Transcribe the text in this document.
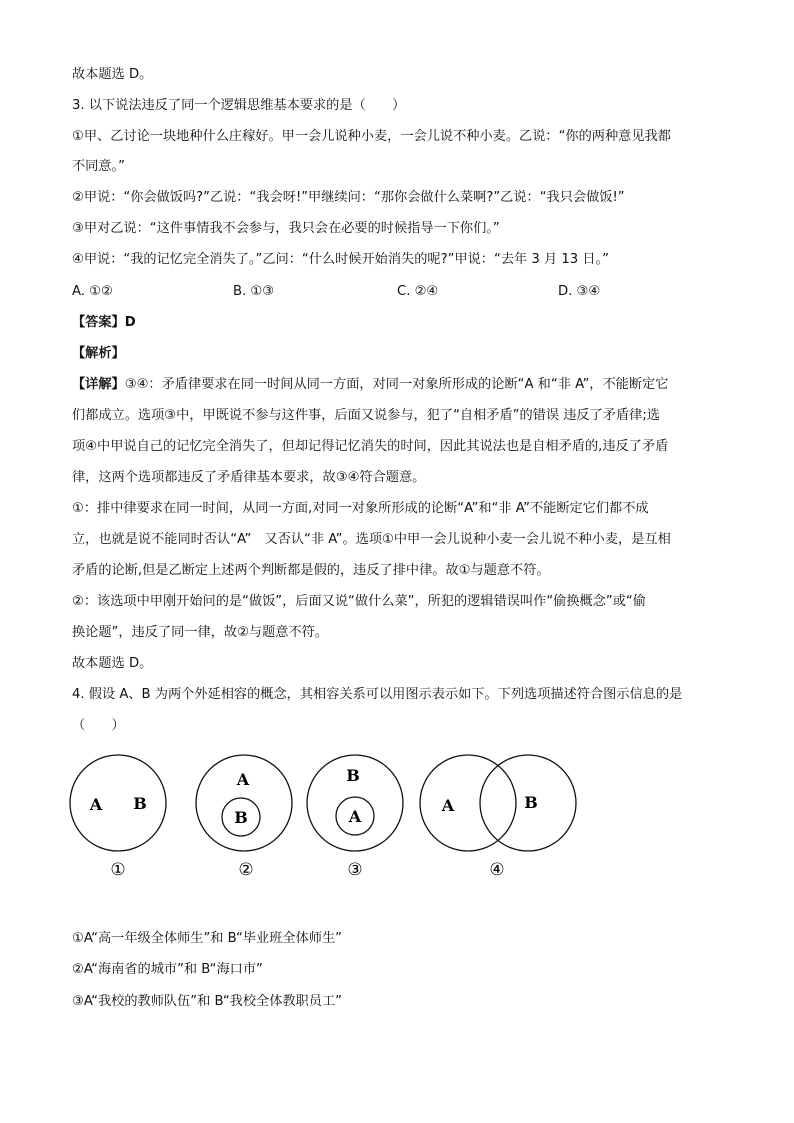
故本题选 D。
3. 以下说法违反了同一个逻辑思维基本要求的是（　　）
①甲、乙讨论一块地种什么庄稼好。甲一会儿说种小麦，一会儿说不种小麦。乙说：“你的两种意见我都
不同意。”
②甲说：“你会做饭吗?”乙说：“我会呀!”甲继续问：“那你会做什么菜啊?”乙说：“我只会做饭!”
③甲对乙说：“这件事情我不会参与，我只会在必要的时候指导一下你们。”
④甲说：“我的记忆完全消失了。”乙问：“什么时候开始消失的呢?”甲说：“去年 3 月 13 日。”
A. ①②	B. ①③	C. ②④	D. ③④
【答案】D
【解析】
【详解】③④：矛盾律要求在同一时间从同一方面，对同一对象所形成的论断“A 和“非 A”，不能断定它
们都成立。选项③中，甲既说不参与这件事，后面又说参与，犯了“自相矛盾”的错误 违反了矛盾律;选
项④中甲说自己的记忆完全消失了，但却记得记忆消失的时间，因此其说法也是自相矛盾的,违反了矛盾
律，这两个选项都违反了矛盾律基本要求，故③④符合题意。
①：排中律要求在同一时间，从同一方面,对同一对象所形成的论断“A”和“非 A”不能断定它们都不成
立，也就是说不能同时否认“A”　又否认“非 A”。选项①中甲一会儿说种小麦一会儿说不种小麦，是互相
矛盾的论断,但是乙断定上述两个判断都是假的，违反了排中律。故①与题意不符。
②：该选项中甲刚开始问的是“做饭”，后面又说“做什么菜”，所犯的逻辑错误叫作“偷换概念”或“偷
换论题”，违反了同一律，故②与题意不符。
故本题选 D。
4. 假设 A、B 为两个外延相容的概念，其相容关系可以用图示表示如下。下列选项描述符合图示信息的是
（　　）
A B
①
A
B
②
B
A
③
A	B
④
①A“高一年级全体师生”和 B“毕业班全体师生”
②A“海南省的城市”和 B“海口市”
③A“我校的教师队伍”和 B“我校全体教职员工”
